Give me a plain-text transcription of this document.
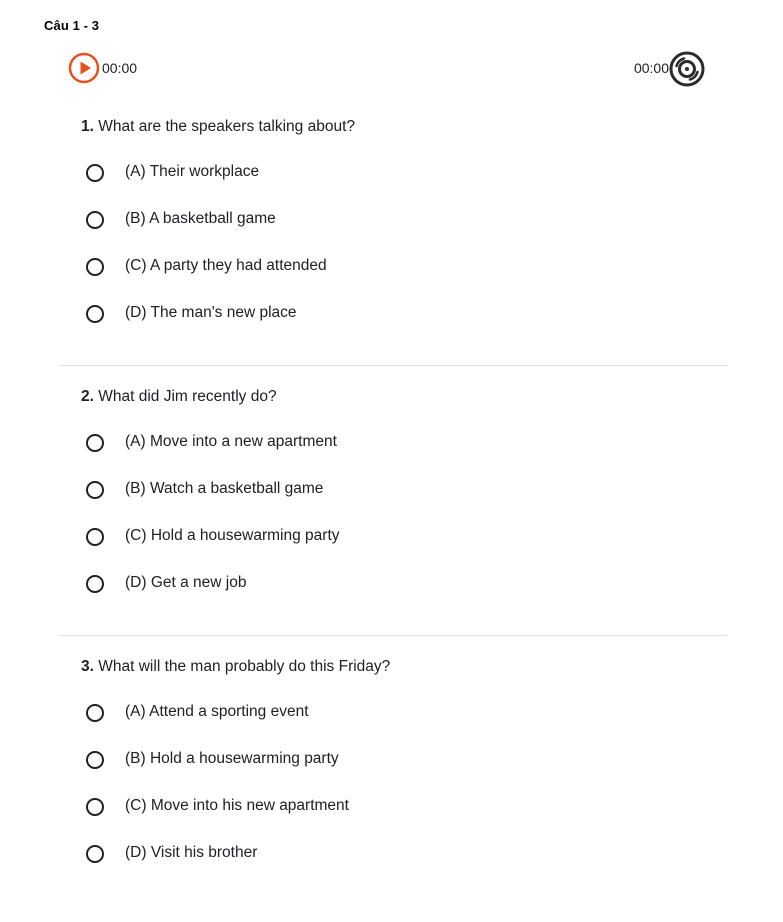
Câu 1 - 3
00:00	00:00
1. What are the speakers talking about?
(A) Their workplace
(B) A basketball game
(C) A party they had attended
(D) The man's new place
2. What did Jim recently do?
(A) Move into a new apartment
(B) Watch a basketball game
(C) Hold a housewarming party
(D) Get a new job
3. What will the man probably do this Friday?
(A) Attend a sporting event
(B) Hold a housewarming party
(C) Move into his new apartment
(D) Visit his brother
